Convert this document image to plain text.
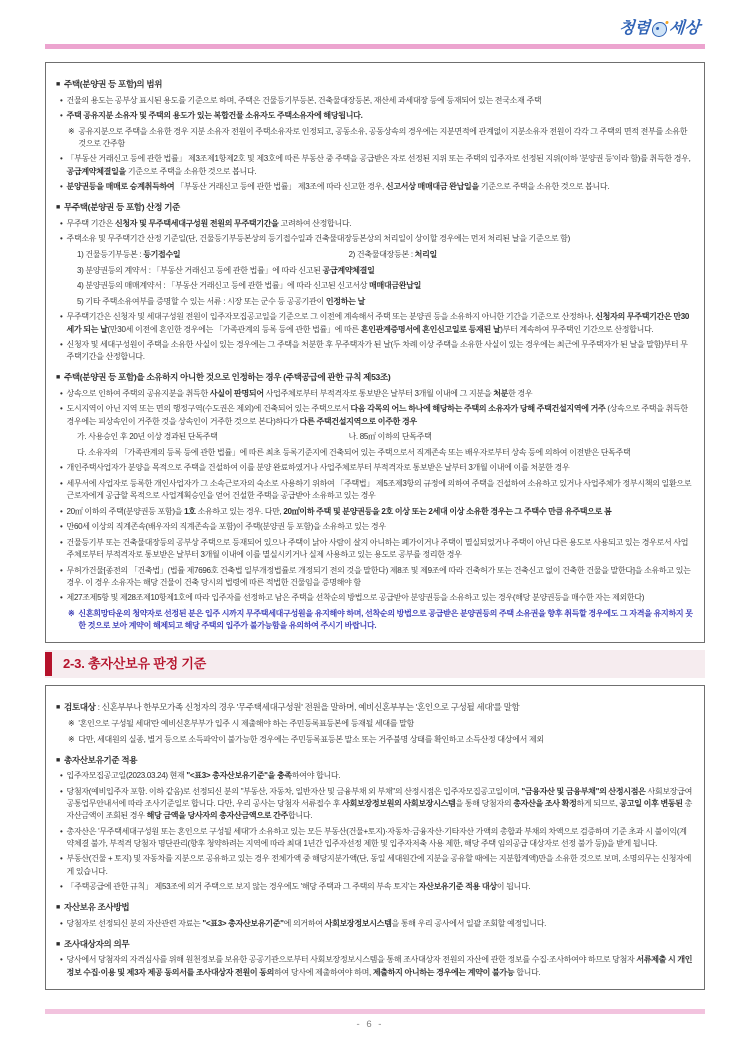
청렴 세상
■ 주택(분양권 등 포함)의 범위
• 건물의 용도는 공부상 표시된 용도를 기준으로 하며, 주택은 건물등기부등본, 건축물대장등본, 재산세 과세대장 등에 등재되어 있는 전국소재 주택
• 주택 공유지분 소유자 및 주택의 용도가 있는 복합건물 소유자도 주택소유자에 해당됩니다.
※ 공유지분으로 주택을 소유한 경우 지분 소유자 전원이 주택소유자로 인정되고, 공동소유, 공동상속의 경우에는 지분면적에 관계없이 지분소유자 전원이 각각 그 주택의 면적 전부를 소유한 것으로 간주함
• 「부동산 거래신고 등에 관한 법률」 제3조제1항제2호 및 제3호에 따른 부동산 중 주택을 공급받은 자로 선정된 지위 또는 주택의 입주자로 선정된 지위(이하 '분양권 등'이라 함)를 취득한 경우, 공급계약체결일을 기준으로 주택을 소유한 것으로 봅니다.
• 분양권등을 매매로 승계취득하여 「부동산 거래신고 등에 관한 법률」 제3조에 따라 신고한 경우, 신고서상 매매대금 완납일을 기준으로 주택을 소유한 것으로 봅니다.
■ 무주택(분양권 등 포함) 산정 기준
• 무주택 기간은 신청자 및 무주택세대구성원 전원의 무주택기간을 고려하여 산정합니다.
• 주택소유 및 무주택기간 산정 기준일(단, 건물등기부등본상의 등기접수일과 건축물대장등본상의 처리일이 상이할 경우에는 먼저 처리된 날을 기준으로 함)
1) 건물등기부등본 : 등기접수일	2) 건축물대장등본 : 처리일
3) 분양권등의 계약서 : 「부동산 거래신고 등에 관한 법률」에 따라 신고된 공급계약체결일
4) 분양권등의 매매계약서 : 「부동산 거래신고 등에 관한 법률」에 따라 신고된 신고서상 매매대금완납일
5) 기타 주택소유여부를 증명할 수 있는 서류 : 시장 또는 군수 등 공공기관이 인정하는 날
• 무주택기간은 신청자 및 세대구성원 전원이 입주자모집공고일을 기준으로 그 이전에 계속해서 주택 또는 분양권 등을 소유하지 아니한 기간을 기준으로 산정하나, 신청자의 무주택기간은 만30세가 되는 날(만30세 이전에 혼인한 경우에는 「가족관계의 등록 등에 관한 법률」에 따른 혼인관계증명서에 혼인신고일로 등재된 날)부터 계속하여 무주택인 기간으로 산정합니다.
• 신청자 및 세대구성원이 주택을 소유한 사실이 있는 경우에는 그 주택을 처분한 후 무주택자가 된 날(두 차례 이상 주택을 소유한 사실이 있는 경우에는 최근에 무주택자가 된 날을 말함)부터 무주택기간을 산정합니다.
■ 주택(분양권 등 포함)을 소유하지 아니한 것으로 인정하는 경우 (주택공급에 관한 규칙 제53조)
• 상속으로 인하여 주택의 공유지분을 취득한 사실이 판명되어 사업주체로부터 부적격자로 통보받은 날부터 3개월 이내에 그 지분을 처분한 경우
• 도시지역이 아닌 지역 또는 면의 행정구역(수도권은 제외)에 건축되어 있는 주택으로서 다음 각목의 어느 하나에 해당하는 주택의 소유자가 당해 주택건설지역에 거주 (상속으로 주택을 취득한 경우에는 피상속인이 거주한 것을 상속인이 거주한 것으로 본다)하다가 다른 주택건설지역으로 이주한 경우
가. 사용승인 후 20년 이상 경과된 단독주택	나. 85㎡ 이하의 단독주택
다. 소유자의 「가족관계의 등록 등에 관한 법률」에 따른 최초 등록기준지에 건축되어 있는 주택으로서 직계존속 또는 배우자로부터 상속 등에 의하여 이전받은 단독주택
• 개인주택사업자가 분양을 목적으로 주택을 건설하여 이를 분양 완료하였거나 사업주체로부터 부적격자로 통보받은 날부터 3개월 이내에 이를 처분한 경우
• 세무서에 사업자로 등록한 개인사업자가 그 소속근로자의 숙소로 사용하기 위하여 「주택법」 제5조제3항의 규정에 의하여 주택을 건설하여 소유하고 있거나 사업주체가 정부시책의 일환으로 근로자에게 공급할 목적으로 사업계획승인을 얻어 건설한 주택을 공급받아 소유하고 있는 경우
• 20㎡ 이하의 주택(분양권등 포함)을 1호 소유하고 있는 경우. 다만, 20㎡이하 주택 및 분양권등을 2호 이상 또는 2세대 이상 소유한 경우는 그 주택수 만큼 유주택으로 봄
• 만60세 이상의 직계존속(배우자의 직계존속을 포함)이 주택(분양권 등 포함)을 소유하고 있는 경우
• 건물등기부 또는 건축물대장등의 공부상 주택으로 등재되어 있으나 주택이 낡아 사람이 살지 아니하는 폐가이거나 주택이 멸실되었거나 주택이 아닌 다른 용도로 사용되고 있는 경우로서 사업주체로부터 부적격자로 통보받은 날부터 3개월 이내에 이를 멸실시키거나 실제 사용하고 있는 용도로 공부를 정리한 경우
• 무허가건물[종전의 「건축법」(법률 제7696호 건축법 일부개정법률로 개정되기 전의 것을 말한다) 제8조 및 제9조에 따라 건축허가 또는 건축신고 없이 건축한 건물을 말한다]을 소유하고 있는 경우. 이 경우 소유자는 해당 건물이 건축 당시의 법령에 따른 적법한 건물임을 증명해야 함
• 제27조제5항 및 제28조제10항제1호에 따라 입주자를 선정하고 남은 주택을 선착순의 방법으로 공급받아 분양권등을 소유하고 있는 경우(해당 분양권등을 매수한 자는 제외한다)
※ 신혼희망타운의 청약자로 선정된 분은 입주 시까지 무주택세대구성원을 유지해야 하며, 선착순의 방법으로 공급받은 분양권등의 주택 소유권을 향후 취득할 경우에도 그 자격을 유지하지 못한 것으로 보아 계약이 해제되고 해당 주택의 입주가 불가능함을 유의하여 주시기 바랍니다.
2-3. 총자산보유 판정 기준
■ 검토대상 : 신혼부부나 한부모가족 신청자의 경우 '무주택세대구성원' 전원을 말하며, 예비신혼부부는 '혼인으로 구성될 세대'를 말함
※ '혼인으로 구성될 세대'란 예비신혼부부가 입주 시 제출해야 하는 주민등록표등본에 등재될 세대를 말함
※ 다만, 세대원의 실종, 별거 등으로 소득파악이 불가능한 경우에는 주민등록표등본 말소 또는 거주불명 상태를 확인하고 소득산정 대상에서 제외
■ 총자산보유기준 적용
• 입주자모집공고일(2023.03.24) 현재 "<표3> 총자산보유기준"을 충족하여야 합니다.
• 당첨자(예비입주자 포함. 이하 같음)로 선정되신 분의 "부동산, 자동차, 일반자산 및 금융부채 외 부채"의 산정시점은 입주자모집공고일이며, "금융자산 및 금융부채"의 산정시점은 사회보장급여 공통업무안내서에 따라 조사기준일로 합니다. 다만, 우리 공사는 당첨자 서류접수 후 사회보장정보원의 사회보장시스템을 통해 당첨자의 총자산을 조사 확정하게 되므로, 공고일 이후 변동된 총자산금액이 조회된 경우 해당 금액을 당사자의 총자산금액으로 간주합니다.
• 총자산은 '무주택세대구성원 또는 혼인으로 구성될 세대'가 소유하고 있는 모든 부동산(건물+토지)·자동차·금융자산·기타자산 가액의 총합과 부채의 차액으로 검증하며 기준 초과 시 불이익(계약체결 불가, 부적격 당첨자 명단관리(향후 청약하려는 지역에 따라 최대 1년간 입주자선정 제한 및 입주자저축 사용 제한, 해당 주택 임의공급 대상자로 선정 불가 등))을 받게 됩니다.
• 부동산(건물 + 토지) 및 자동차를 지분으로 공유하고 있는 경우 전체가액 중 해당지분가액(단, 동일 세대원간에 지분을 공유할 때에는 지분합계액)만을 소유한 것으로 보며, 소명의무는 신청자에게 있습니다.
• 「주택공급에 관한 규칙」 제53조에 의거 주택으로 보지 않는 경우에도 '해당 주택과 그 주택의 부속 토지'는 자산보유기준 적용 대상이 됩니다.
■ 자산보유 조사방법
• 당첨자로 선정되신 분의 자산관련 자료는 "<표3> 총자산보유기준"에 의거하여 사회보장정보시스템을 통해 우리 공사에서 일괄 조회할 예정입니다.
■ 조사대상자의 의무
• 당사에서 당첨자의 자격심사를 위해 원천정보를 보유한 공공기관으로부터 사회보장정보시스템을 통해 조사대상자 전원의 자산에 관한 정보를 수집·조사하여야 하므로 당첨자 서류제출 시 개인정보 수집·이용 및 제3자 제공 동의서를 조사대상자 전원이 동의하여 당사에 제출하여야 하며, 제출하지 아니하는 경우에는 계약이 불가능 합니다.
- 6 -
